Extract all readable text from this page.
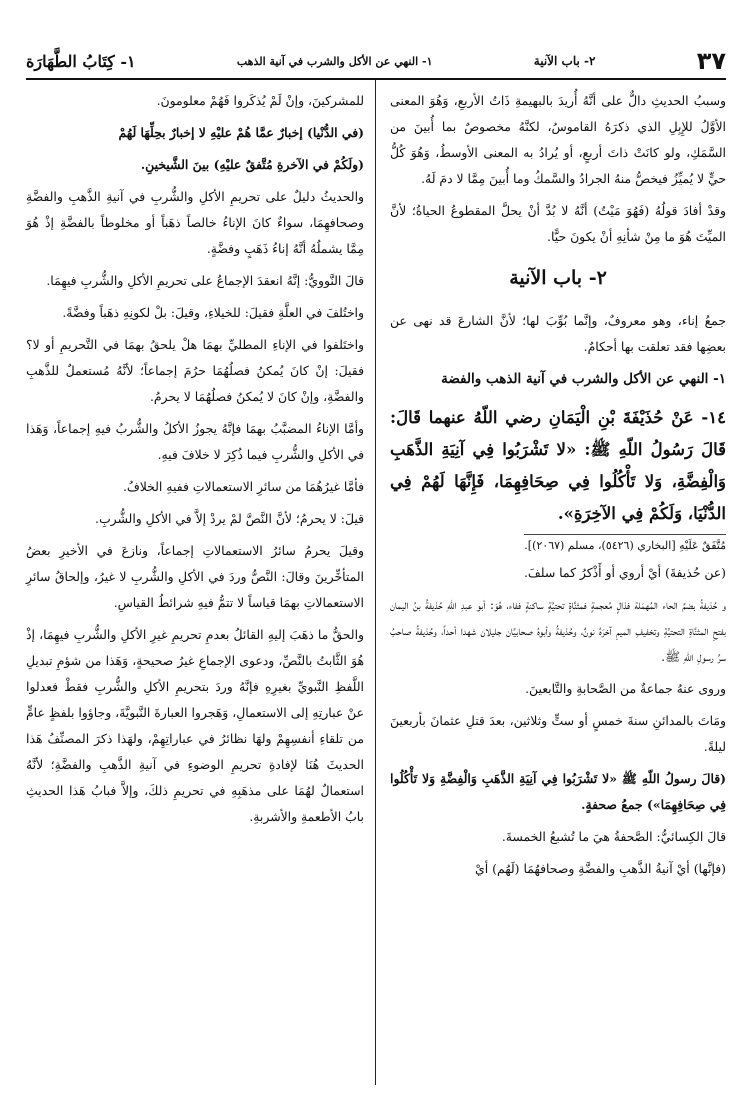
٣٧
٢- باب الآنية
١- النهي عن الأكل والشرب في آنية الذهب
١- كِتَابُ الطَّهَارَة

وسببُ الحديثِ دالٌّ على أنَّهُ أُريدَ بالبهيمةِ ذَاتُ الأربعِ، وَهُوَ المعنى الأوَّلُ للإِبِلِ الذي ذكرَهُ القاموسُ، لكنَّهُ مخصوصٌ بما أُبينَ من السَّمَكِ، ولو كانَتْ ذاتَ أربعٍ، أو يُرادُ به المعنى الأوسطُ، وَهُوَ كُلُّ حيٍّ لا يُميِّزُ فيخصُّ منهُ الجرادُ والسَّمكُ وما أُبينَ مِمَّا لا دمَ لَهُ.

وقدْ أفادَ قولُهُ (فَهُوَ مَيْتٌ) أنَّهُ لا بُدَّ أنْ يحلَّ المقطوعُ الحياةُ؛ لأنَّ الميِّتَ هُوَ ما مِنْ شأنِهِ أنْ يكونَ حيًّا.

٢- باب الآنية

جمعُ إناء، وهو معروفٌ، وإنَّما بُوِّبَ لها؛ لأنَّ الشارعَ قد نهى عن بعضِها فقد تعلقت بها أحكامٌ.

١- النهي عن الأكل والشرب في آنية الذهب والفضة

١٤- عَنْ حُذَيْفَةَ بْنِ الْيَمَانِ رضي اللّهُ عنهما قَالَ: قَالَ رَسُولُ اللّهِ ﷺ: «لا تَشْرَبُوا فِي آنِيَةِ الذَّهَبِ وَالْفِضَّةِ، وَلا تَأْكُلُوا فِي صِحَافِهِمَا، فَإِنَّهَا لَهُمْ فِي الدُّنْيَا، وَلَكُمْ فِي الآخِرَةِ».

مُتَّفَقٌ عَلَيْهِ [البخاري (٥٤٢٦)، مسلم (٢٠٦٧)].

(عن حُذيفةَ) أيْ أروي أو أَذْكرُ كما سلفَ.

و حُذيفةُ بضمِّ الحاء المُهمَلة فذالٍ مُعجمةٍ فمثنَّاةٍ تحتيَّةٍ ساكنةٍ ففاء، هُوَ: أبو عبدِ اللّهِ حُذيفةُ بنُ اليمان بفتحِ المثنَّاةِ التحتيَّةِ وتخفيفِ الميمِ آخرَهُ نونٌ، وحُذيفةُ وأبوهُ صحابيَّان جليلان شهدا أحداً، وحُذيفةُ صاحبُ سرِّ رسولِ اللّهِ ﷺ.

وروى عنهُ جماعةٌ من الصَّحابةِ والتَّابعينَ.

ومَاتَ بالمدائنِ سنةَ خمسٍ أو ستٍّ وثلاثين، بعدَ قتلِ عثمانَ بأربعينَ ليلةً.

(قالَ رسولُ اللّهِ ﷺ «لا تَشْرَبُوا فِي آنِيَةِ الذَّهَبِ وَالْفِضَّةِ وَلا تَأْكُلُوا فِي صِحَافِهِمَا») جمعُ صحفةٍ.

قالَ الكِسائيُّ: الصَّحفةُ هيَ ما تُشبعُ الخمسةَ.

(فإنَّها) أيْ آنيةُ الذَّهبِ والفضَّةِ وصحافهُمَا (لَهُم) أيْ

للمشركينَ، وإنْ لَمْ يُذكَروا فَهُمْ معلومونَ.

(في الدُّنْيا) إخبارٌ عمَّا هُمْ عليْهِ لا إخبارٌ بحِلِّهَا لَهُمْ

(ولَكُمْ في الآخرةِ مُتَّفقٌ عليْهِ) بينَ الشَّيخينِ.

والحديثُ دليلٌ على تحريمِ الأكلِ والشُّربِ في آنيةِ الذَّهبِ والفضَّةِ وصحافهِمَا، سواءٌ كانَ الإناءُ خالصاً ذهَباً أو مخلوطاً بالفضَّةِ إذْ هُوَ مِمَّا يشملُهُ أنَّهُ إناءُ ذَهَبٍ وفضَّةٍ.

قالَ النَّوويُّ: إنَّهُ انعقدَ الإجماعُ على تحريمِ الأكلِ والشُّربِ فيهِمَا.

واختُلفَ في العلَّةِ فقيلَ: للخيلاءِ، وقيلَ: بلْ لكونِهِ ذهَباً وفضَّةً.

واختَلفوا في الإناءِ المطليِّ بهمَا هلْ يلحقُ بهمَا في التَّحريمِ أو لا؟ فقيلَ: إنْ كانَ يُمكنُ فصلُهُمَا حرُمَ إجماعاً؛ لأنَّهُ مُستعملٌ للذَّهبِ والفضَّةِ، وإنْ كانَ لا يُمكنُ فصلُهُمَا لا يحرمُ.

وأمَّا الإناءُ المضبَّبُ بهمَا فإنَّهُ يجوزُ الأكلُ والشُّربُ فيهِ إجماعاً، وَهَذا في الأكلِ والشُّربِ فيما ذُكِرَ لا خلافَ فيهِ.

فأمَّا غيرُهُمَا من سائرِ الاستعمالاتِ ففيهِ الخلافُ.

قيلَ: لا يحرمُ؛ لأنَّ النَّصَّ لمْ يردْ إلاَّ في الأكلِ والشُّربِ.

وقيلَ يحرمُ سائرُ الاستعمالاتِ إجماعاً، ونازعَ في الأخيرِ بعضُ المتأخِّرينَ وقالَ: النَّصُّ وردَ في الأكلِ والشُّربِ لا غيرُ، وإلحاقُ سائرِ الاستعمالاتِ بهمَا قياساً لا تتمُّ فيهِ شرائطُ القياسِ.

والحقُّ ما ذهَبَ إليهِ القائلُ بعدمِ تحريمِ غيرِ الأكلِ والشُّربِ فيهِمَا، إذْ هُوَ الثَّابتُ بالنَّصِّ، ودعوى الإجماعِ غيرُ صحيحةٍ، وَهَذا من شؤمِ تبديلِ اللَّفظِ النَّبويِّ بغيرِهِ فإنَّهُ وردَ بتحريمِ الأكلِ والشُّربِ فقطْ فعدلوا عنْ عبارتِهِ إلى الاستعمالِ، وَهَجروا العبارةَ النَّبويَّةَ، وجاؤوا بلفظٍ عامٍّ من تلقاءِ أنفسِهِمْ ولهَا نظائرُ في عباراتِهِمْ، ولهَذا ذكرَ المصنِّفُ هَذا الحديثَ هُنَا لإفادةِ تحريمِ الوضوءِ في آنيةِ الذَّهبِ والفضَّةِ؛ لأنَّهُ استعمالٌ لهُمَا على مذهَبِهِ في تحريمِ ذلكَ، وإلاَّ فبابُ هَذا الحديثِ بابُ الأطعمةِ والأشربةِ.
